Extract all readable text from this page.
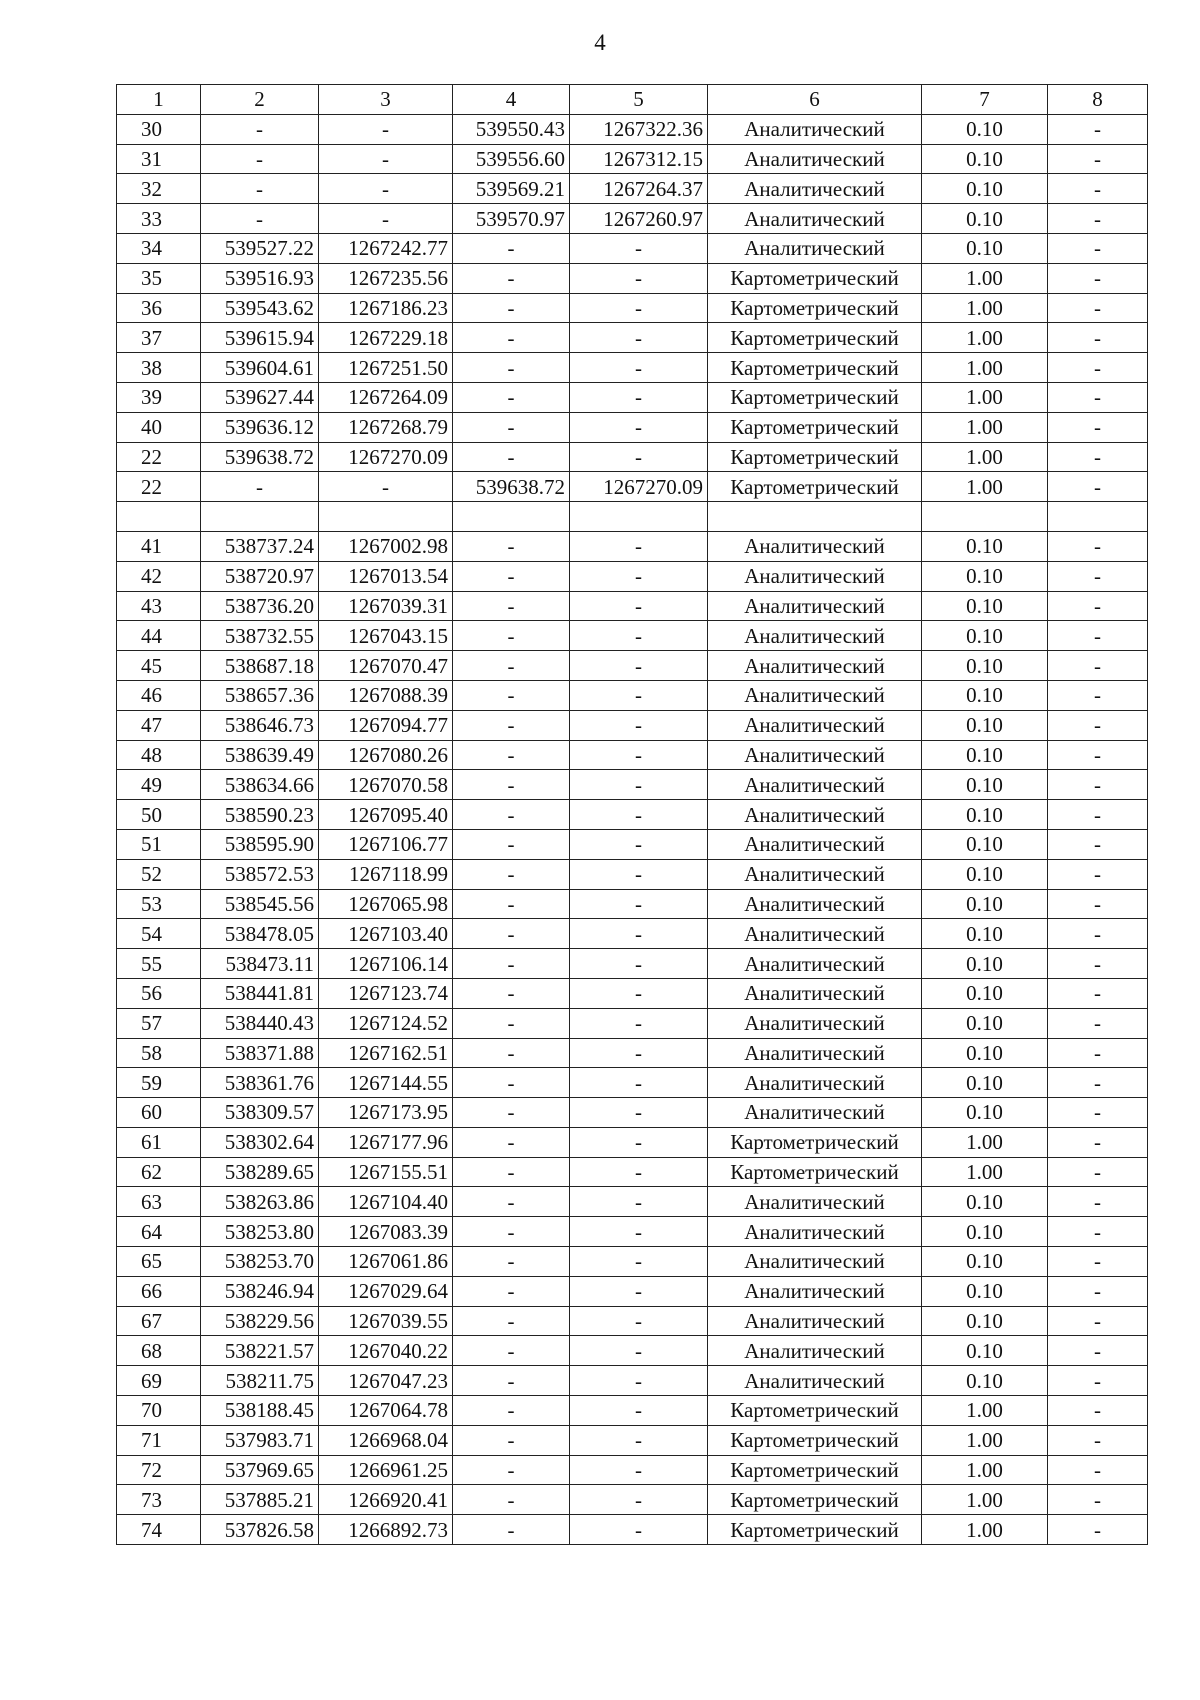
4
1	2	3	4	5	6	7	8
30	-	-	539550.43	1267322.36	Аналитический	0.10	-
31	-	-	539556.60	1267312.15	Аналитический	0.10	-
32	-	-	539569.21	1267264.37	Аналитический	0.10	-
33	-	-	539570.97	1267260.97	Аналитический	0.10	-
34	539527.22	1267242.77	-	-	Аналитический	0.10	-
35	539516.93	1267235.56	-	-	Картометрический	1.00	-
36	539543.62	1267186.23	-	-	Картометрический	1.00	-
37	539615.94	1267229.18	-	-	Картометрический	1.00	-
38	539604.61	1267251.50	-	-	Картометрический	1.00	-
39	539627.44	1267264.09	-	-	Картометрический	1.00	-
40	539636.12	1267268.79	-	-	Картометрический	1.00	-
22	539638.72	1267270.09	-	-	Картометрический	1.00	-
22	-	-	539638.72	1267270.09	Картометрический	1.00	-

41	538737.24	1267002.98	-	-	Аналитический	0.10	-
42	538720.97	1267013.54	-	-	Аналитический	0.10	-
43	538736.20	1267039.31	-	-	Аналитический	0.10	-
44	538732.55	1267043.15	-	-	Аналитический	0.10	-
45	538687.18	1267070.47	-	-	Аналитический	0.10	-
46	538657.36	1267088.39	-	-	Аналитический	0.10	-
47	538646.73	1267094.77	-	-	Аналитический	0.10	-
48	538639.49	1267080.26	-	-	Аналитический	0.10	-
49	538634.66	1267070.58	-	-	Аналитический	0.10	-
50	538590.23	1267095.40	-	-	Аналитический	0.10	-
51	538595.90	1267106.77	-	-	Аналитический	0.10	-
52	538572.53	1267118.99	-	-	Аналитический	0.10	-
53	538545.56	1267065.98	-	-	Аналитический	0.10	-
54	538478.05	1267103.40	-	-	Аналитический	0.10	-
55	538473.11	1267106.14	-	-	Аналитический	0.10	-
56	538441.81	1267123.74	-	-	Аналитический	0.10	-
57	538440.43	1267124.52	-	-	Аналитический	0.10	-
58	538371.88	1267162.51	-	-	Аналитический	0.10	-
59	538361.76	1267144.55	-	-	Аналитический	0.10	-
60	538309.57	1267173.95	-	-	Аналитический	0.10	-
61	538302.64	1267177.96	-	-	Картометрический	1.00	-
62	538289.65	1267155.51	-	-	Картометрический	1.00	-
63	538263.86	1267104.40	-	-	Аналитический	0.10	-
64	538253.80	1267083.39	-	-	Аналитический	0.10	-
65	538253.70	1267061.86	-	-	Аналитический	0.10	-
66	538246.94	1267029.64	-	-	Аналитический	0.10	-
67	538229.56	1267039.55	-	-	Аналитический	0.10	-
68	538221.57	1267040.22	-	-	Аналитический	0.10	-
69	538211.75	1267047.23	-	-	Аналитический	0.10	-
70	538188.45	1267064.78	-	-	Картометрический	1.00	-
71	537983.71	1266968.04	-	-	Картометрический	1.00	-
72	537969.65	1266961.25	-	-	Картометрический	1.00	-
73	537885.21	1266920.41	-	-	Картометрический	1.00	-
74	537826.58	1266892.73	-	-	Картометрический	1.00	-
